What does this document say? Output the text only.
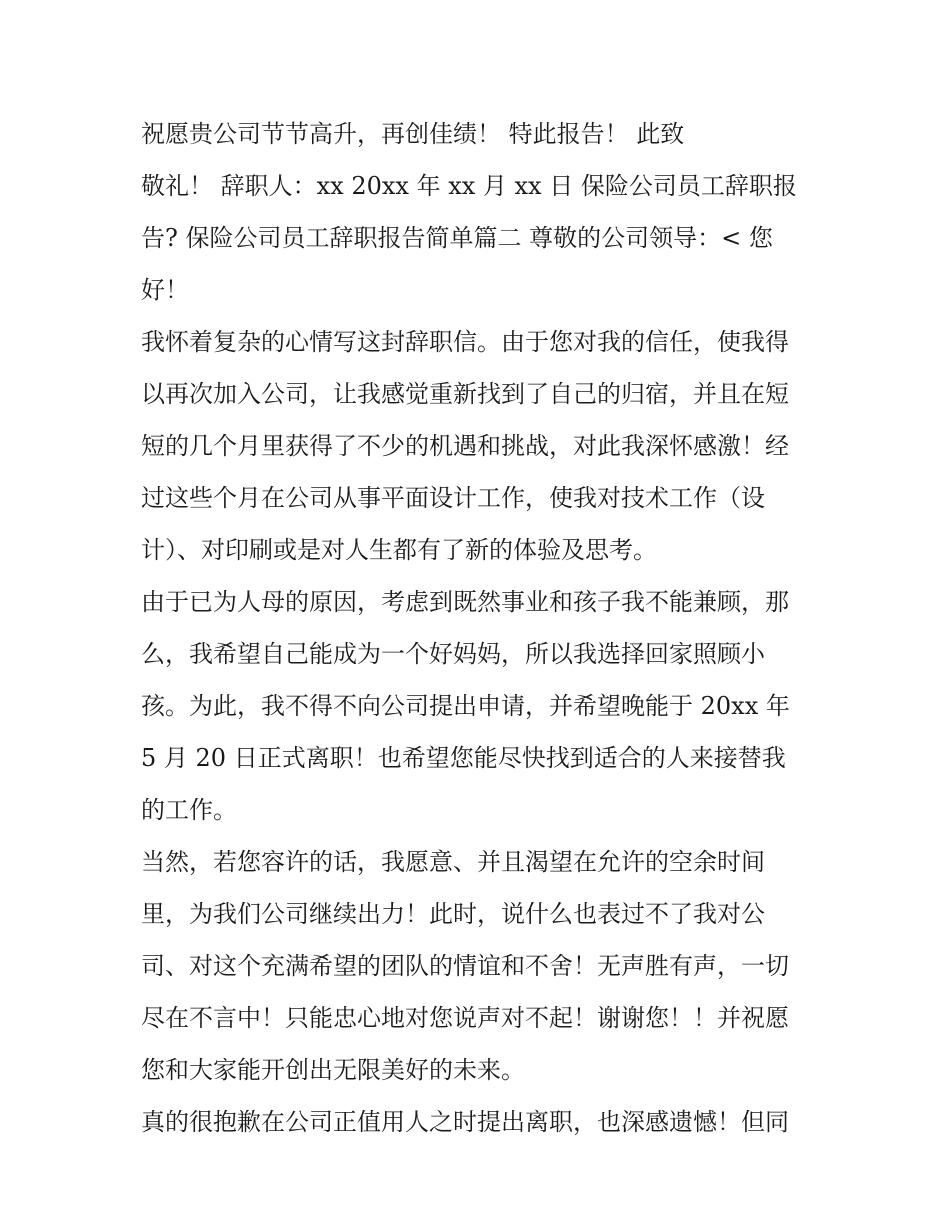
祝愿贵公司节节高升，再创佳绩！ 特此报告！ 此致
敬礼！ 辞职人：xx 20xx 年 xx 月 xx 日 保险公司员工辞职报
告? 保险公司员工辞职报告简单篇二 尊敬的公司领导：< 您
好！
我怀着复杂的心情写这封辞职信。由于您对我的信任，使我得
以再次加入公司，让我感觉重新找到了自己的归宿，并且在短
短的几个月里获得了不少的机遇和挑战，对此我深怀感激！经
过这些个月在公司从事平面设计工作，使我对技术工作（设
计）、对印刷或是对人生都有了新的体验及思考。
由于已为人母的原因，考虑到既然事业和孩子我不能兼顾，那
么，我希望自己能成为一个好妈妈，所以我选择回家照顾小
孩。为此，我不得不向公司提出申请，并希望晚能于 20xx 年
5 月 20 日正式离职！也希望您能尽快找到适合的人来接替我
的工作。
当然，若您容许的话，我愿意、并且渴望在允许的空余时间
里，为我们公司继续出力！此时，说什么也表过不了我对公
司、对这个充满希望的团队的情谊和不舍！无声胜有声，一切
尽在不言中！只能忠心地对您说声对不起！谢谢您！！并祝愿
您和大家能开创出无限美好的未来。
真的很抱歉在公司正值用人之时提出离职，也深感遗憾！但同
